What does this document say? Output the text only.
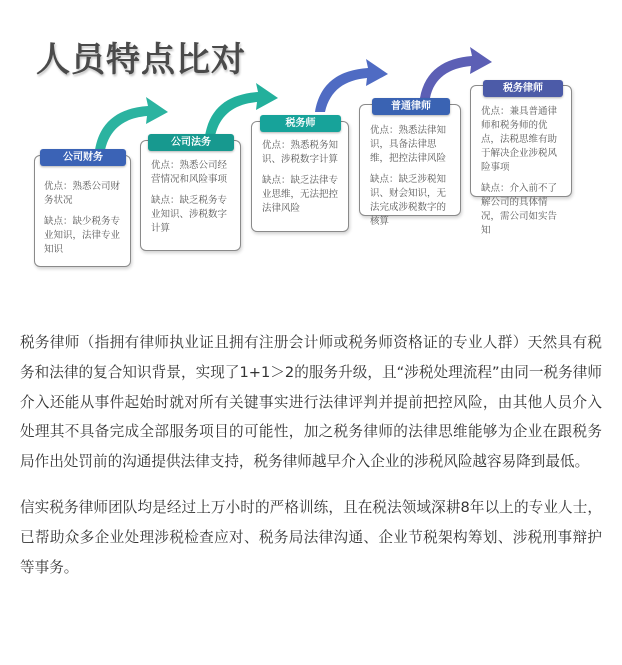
人员特点比对

优点：熟悉公司财务状况

缺点：缺少税务专业知识，法律专业知识

公司财务

优点：熟悉公司经营情况和风险事项

缺点：缺乏税务专业知识、涉税数字计算

公司法务	优点：熟悉税务知识、涉税数字计算

缺点：缺乏法律专业思维，无法把控法律风险

税务师

优点：熟悉法律知识，具备法律思维，把控法律风险

缺点：缺乏涉税知识、财会知识，无法完成涉税数字的核算

普通律师	优点：兼具普通律师和税务师的优点，法税思维有助于解决企业涉税风险事项

缺点：介入前不了解公司的具体情况，需公司如实告知

税务律师

税务律师（指拥有律师执业证且拥有注册会计师或税务师资格证的专业人群）天然具有税务和法律的复合知识背景，实现了1+1＞2的服务升级，且“涉税处理流程”由同一税务律师介入还能从事件起始时就对所有关键事实进行法律评判并提前把控风险，由其他人员介入处理其不具备完成全部服务项目的可能性，加之税务律师的法律思维能够为企业在跟税务局作出处罚前的沟通提供法律支持，税务律师越早介入企业的涉税风险越容易降到最低。

信实税务律师团队均是经过上万小时的严格训练，且在税法领域深耕8年以上的专业人士，已帮助众多企业处理涉税检查应对、税务局法律沟通、企业节税架构筹划、涉税刑事辩护等事务。
